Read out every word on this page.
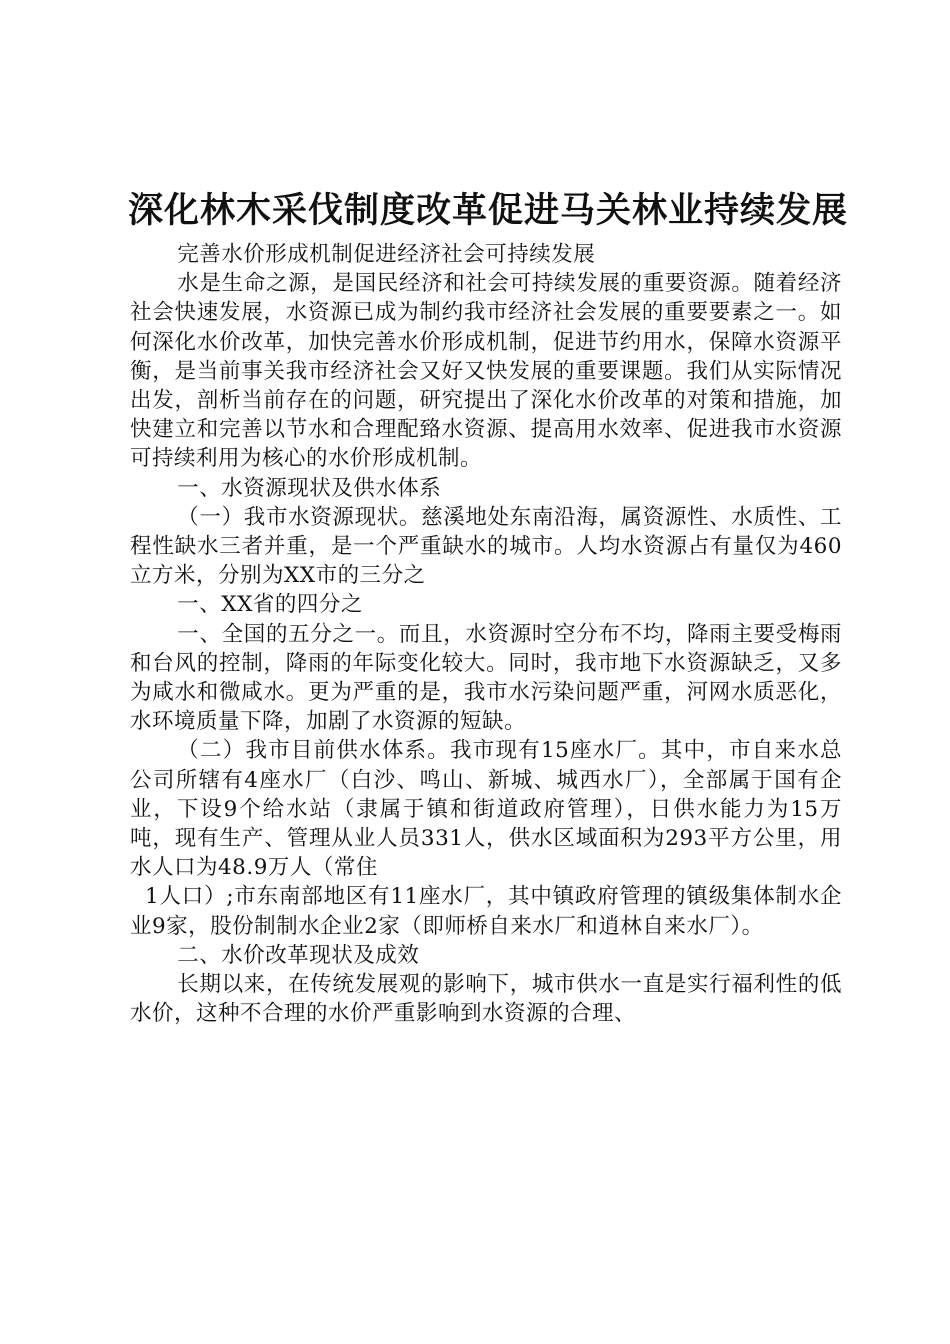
深化林木采伐制度改革促进马关林业持续发展

完善水价形成机制促进经济社会可持续发展

水是生命之源，是国民经济和社会可持续发展的重要资源。随着经济社会快速发展，水资源已成为制约我市经济社会发展的重要要素之一。如何深化水价改革，加快完善水价形成机制，促进节约用水，保障水资源平衡，是当前事关我市经济社会又好又快发展的重要课题。我们从实际情况出发，剖析当前存在的问题，研究提出了深化水价改革的对策和措施，加快建立和完善以节水和合理配臵水资源、提高用水效率、促进我市水资源可持续利用为核心的水价形成机制。

一、水资源现状及供水体系

（一）我市水资源现状。慈溪地处东南沿海，属资源性、水质性、工程性缺水三者并重，是一个严重缺水的城市。人均水资源占有量仅为460立方米，分别为XX市的三分之

一、XX省的四分之

一、全国的五分之一。而且，水资源时空分布不均，降雨主要受梅雨和台风的控制，降雨的年际变化较大。同时，我市地下水资源缺乏，又多为咸水和微咸水。更为严重的是，我市水污染问题严重，河网水质恶化，水环境质量下降，加剧了水资源的短缺。

（二）我市目前供水体系。我市现有15座水厂。其中，市自来水总公司所辖有4座水厂（白沙、鸣山、新城、城西水厂），全部属于国有企业，下设9个给水站（隶属于镇和街道政府管理），日供水能力为15万吨，现有生产、管理从业人员331人，供水区域面积为293平方公里，用水人口为48.9万人（常住

1人口）;市东南部地区有11座水厂，其中镇政府管理的镇级集体制水企业9家，股份制制水企业2家（即师桥自来水厂和逍林自来水厂）。

二、水价改革现状及成效

长期以来，在传统发展观的影响下，城市供水一直是实行福利性的低水价，这种不合理的水价严重影响到水资源的合理、
